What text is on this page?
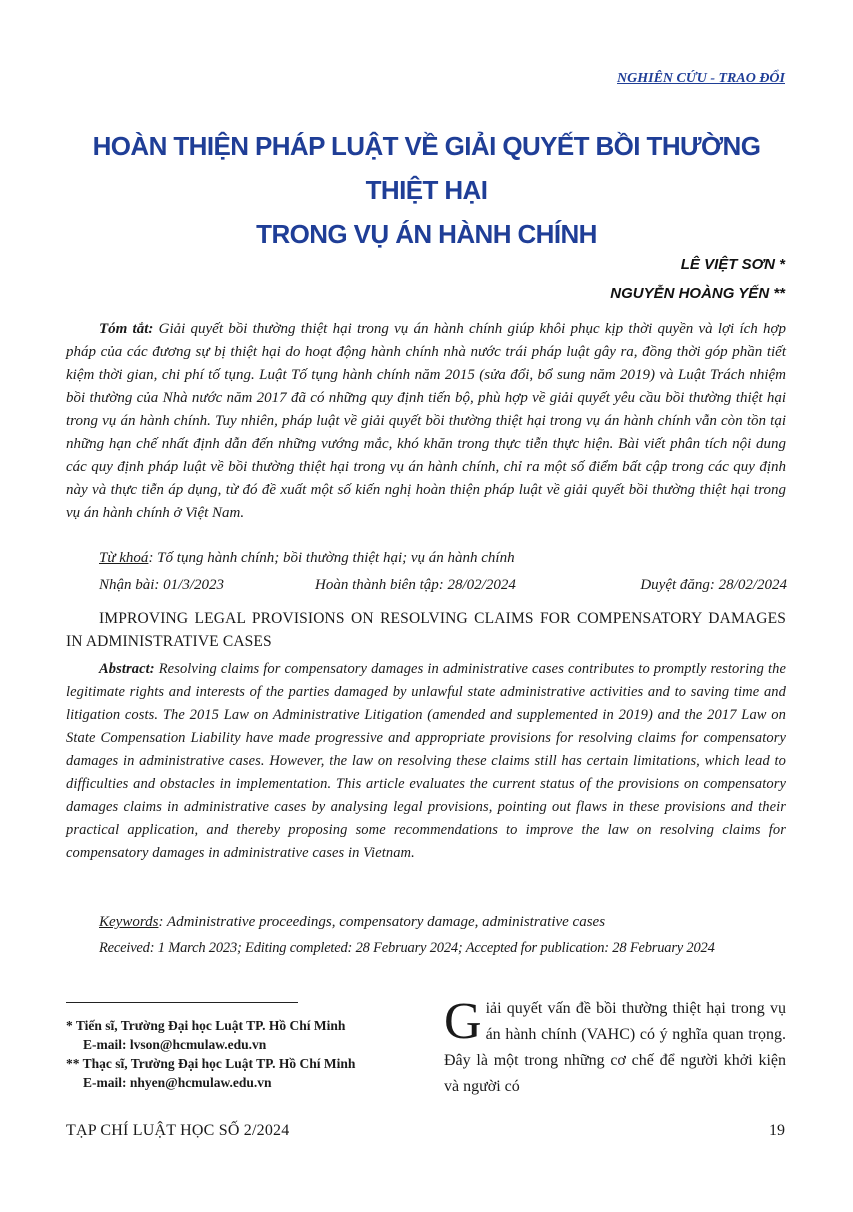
NGHIÊN CỨU - TRAO ĐỔI
HOÀN THIỆN PHÁP LUẬT VỀ GIẢI QUYẾT BỒI THƯỜNG THIỆT HẠI
TRONG VỤ ÁN HÀNH CHÍNH
LÊ VIỆT SƠN *
NGUYỄN HOÀNG YẾN **
Tóm tắt: Giải quyết bồi thường thiệt hại trong vụ án hành chính giúp khôi phục kịp thời quyền và lợi ích hợp pháp của các đương sự bị thiệt hại do hoạt động hành chính nhà nước trái pháp luật gây ra, đồng thời góp phần tiết kiệm thời gian, chi phí tố tụng. Luật Tố tụng hành chính năm 2015 (sửa đổi, bổ sung năm 2019) và Luật Trách nhiệm bồi thường của Nhà nước năm 2017 đã có những quy định tiến bộ, phù hợp về giải quyết yêu cầu bồi thường thiệt hại trong vụ án hành chính. Tuy nhiên, pháp luật về giải quyết bồi thường thiệt hại trong vụ án hành chính vẫn còn tồn tại những hạn chế nhất định dẫn đến những vướng mắc, khó khăn trong thực tiễn thực hiện. Bài viết phân tích nội dung các quy định pháp luật về bồi thường thiệt hại trong vụ án hành chính, chỉ ra một số điểm bất cập trong các quy định này và thực tiễn áp dụng, từ đó đề xuất một số kiến nghị hoàn thiện pháp luật về giải quyết bồi thường thiệt hại trong vụ án hành chính ở Việt Nam.
Từ khoá: Tố tụng hành chính; bồi thường thiệt hại; vụ án hành chính
Nhận bài: 01/3/2023	Hoàn thành biên tập: 28/02/2024	Duyệt đăng: 28/02/2024
IMPROVING LEGAL PROVISIONS ON RESOLVING CLAIMS FOR COMPENSATORY DAMAGES IN ADMINISTRATIVE CASES
Abstract: Resolving claims for compensatory damages in administrative cases contributes to promptly restoring the legitimate rights and interests of the parties damaged by unlawful state administrative activities and to saving time and litigation costs. The 2015 Law on Administrative Litigation (amended and supplemented in 2019) and the 2017 Law on State Compensation Liability have made progressive and appropriate provisions for resolving claims for compensatory damages in administrative cases. However, the law on resolving these claims still has certain limitations, which lead to difficulties and obstacles in implementation. This article evaluates the current status of the provisions on compensatory damages claims in administrative cases by analysing legal provisions, pointing out flaws in these provisions and their practical application, and thereby proposing some recommendations to improve the law on resolving claims for compensatory damages in administrative cases in Vietnam.
Keywords: Administrative proceedings, compensatory damage, administrative cases
Received: 1 March 2023; Editing completed: 28 February 2024; Accepted for publication: 28 February 2024
* Tiến sĩ, Trường Đại học Luật TP. Hồ Chí Minh
E-mail: lvson@hcmulaw.edu.vn
** Thạc sĩ, Trường Đại học Luật TP. Hồ Chí Minh
E-mail: nhyen@hcmulaw.edu.vn
Giải quyết vấn đề bồi thường thiệt hại trong vụ án hành chính (VAHC) có ý nghĩa quan trọng. Đây là một trong những cơ chế để người khởi kiện và người có
TẠP CHÍ LUẬT HỌC SỐ 2/2024	19
